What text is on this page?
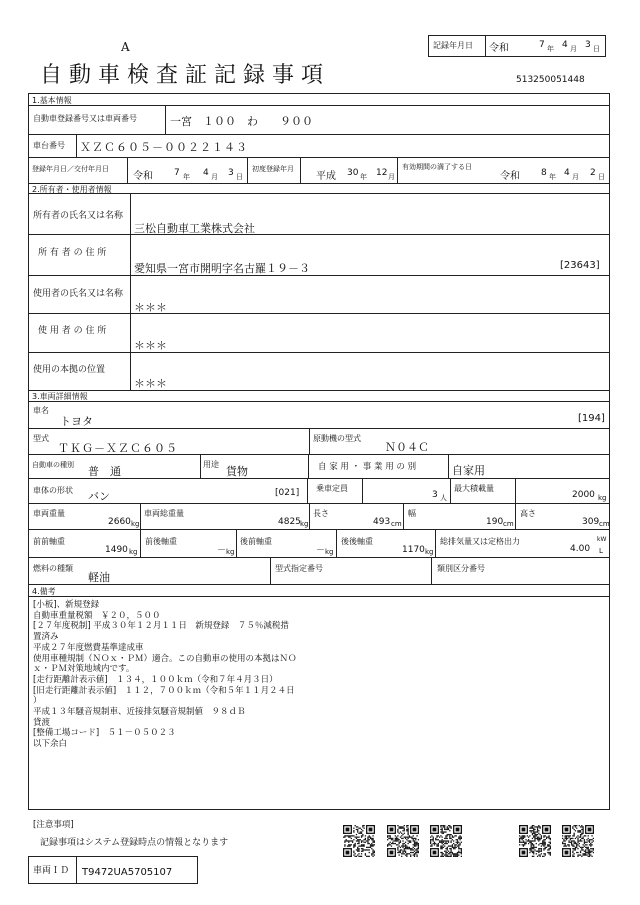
A
自動車検査証記録事項
記録年月日 令和	7 年 4 月 3 日
513250051448
1.基本情報
自動車登録番号又は車両番号	一宮　１００　わ　　９００
車台番号 ＸＺＣ６０５－００２２１４３
登録年月日／交付年月日
令和 7 年 4 月 3 日
初度登録年月
平成 30 年 12 月
有効期間の満了する日
令和 8 年 4 月 2 日
2.所有者・使用者情報
所有者の氏名又は名称
三松自動車工業株式会社
所 有 者 の 住 所
愛知県一宮市開明字名古羅１９－３	[23643]
使用者の氏名又は名称
＊＊＊
使 用 者 の 住 所
＊＊＊
使用の本拠の位置
＊＊＊
3.車両詳細情報
車名
トヨタ	[194]
型式
ＴＫＧ－ＸＺＣ６０５
原動機の型式
Ｎ０４Ｃ
自動車の種別 普　通
用途
貨物	自 家 用 ・ 事 業 用 の 別	自家用
車体の形状 バン	[021] 乗車定員
3 人
最大積載量
2000 kg
車両重量
2660 kg
車両総重量
4825 kg
長さ
493 cm
幅
190 cm
高さ
309 cm
前前軸重
1490 kg
前後軸重
－ kg
後前軸重
－ kg
後後軸重
1170 kg
総排気量又は定格出力
4.00
kW
L
燃料の種類
軽油
型式指定番号	類別区分番号
4.備考
[小板]、新規登録
自動車重量税額　￥２０，５００
[２７年度税制] 平成３０年１２月１１日　新規登録　７５％減税措
置済み
平成２７年度燃費基準達成車
使用車種規制（ＮＯｘ・ＰＭ）適合。この自動車の使用の本拠はＮＯ
ｘ・ＰＭ対策地域内です。
[走行距離計表示値]　１３４，１００ｋｍ（令和７年４月３日）
[旧走行距離計表示値]　１１２，７００ｋｍ（令和５年１１月２４日
）
平成１３年騒音規制車、近接排気騒音規制値　９８ｄＢ
貸渡
[整備工場コード]　５１－０５０２３
以下余白
[注意事項]
記録事項はシステム登録時点の情報となります
車両ＩＤ T9472UA5705107
